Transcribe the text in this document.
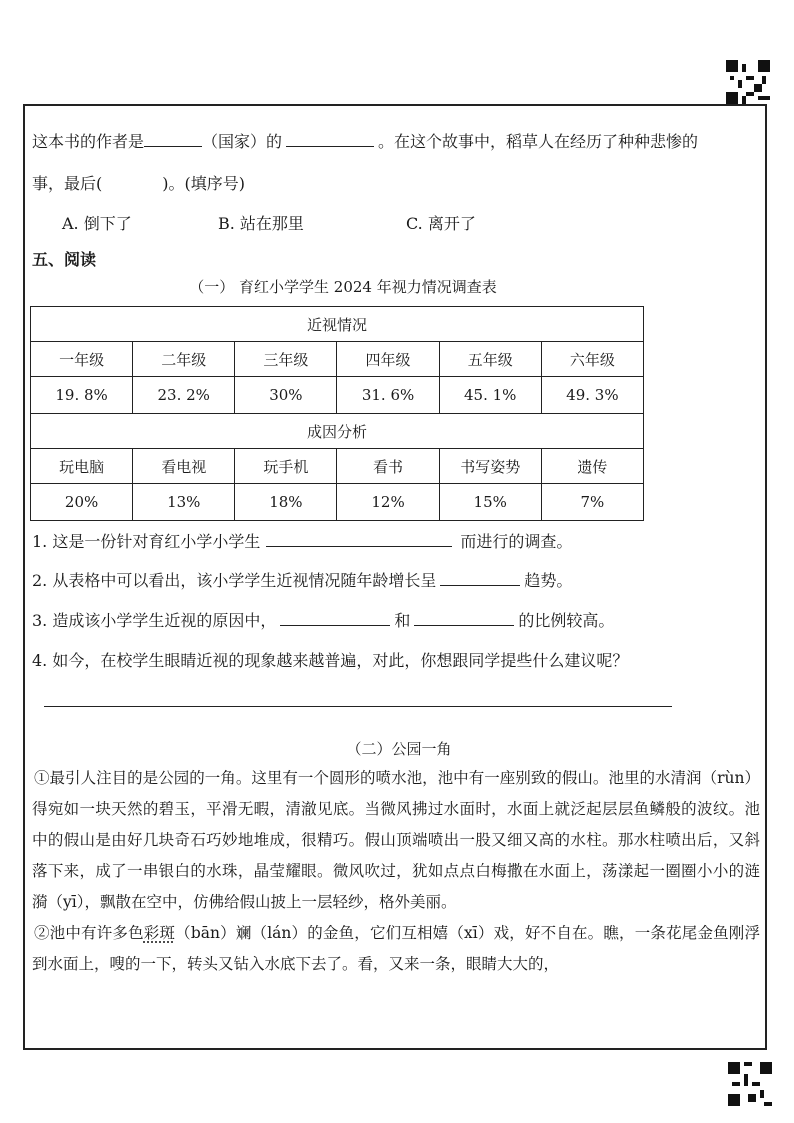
这本书的作者是	（国家）的	。在这个故事中，稻草人在经历了种种悲惨的
事，最后(	)。(填序号)
A. 倒下了	B. 站在那里	C. 离开了
五、阅读
（一） 育红小学学生 2024 年视力情况调查表
近视情况					
一年级	二年级	三年级	四年级	五年级	六年级
19. 8%	23. 2%	30%	31. 6%	45. 1%	49. 3%
成因分析					
玩电脑	看电视	玩手机	看书	书写姿势	遗传
20%	13%	18%	12%	15%	7%
1. 这是一份针对育红小学小学生	而进行的调查。
2. 从表格中可以看出，该小学学生近视情况随年龄增长呈	趋势。
3. 造成该小学学生近视的原因中，	和	的比例较高。
4. 如今，在校学生眼睛近视的现象越来越普遍，对此，你想跟同学提些什么建议呢？
（二）公园一角

①最引人注目的是公园的一角。这里有一个圆形的喷水池，池中有一座别致的假山。池里的水清润（rùn）得宛如一块天然的碧玉，平滑无暇，清澈见底。当微风拂过水面时，水面上就泛起层层鱼鳞般的波纹。池中的假山是由好几块奇石巧妙地堆成，很精巧。假山顶端喷出一股又细又高的水柱。那水柱喷出后，又斜落下来，成了一串银白的水珠，晶莹耀眼。微风吹过，犹如点点白梅撒在水面上，荡漾起一圈圈小小的涟漪（yī），飘散在空中，仿佛给假山披上一层轻纱，格外美丽。

②池中有许多色彩斑（bān）斓（lán）的金鱼，它们互相嬉（xī）戏，好不自在。瞧，一条花尾金鱼刚浮到水面上，嗖的一下，转头又钻入水底下去了。看，又来一条，眼睛大大的，
